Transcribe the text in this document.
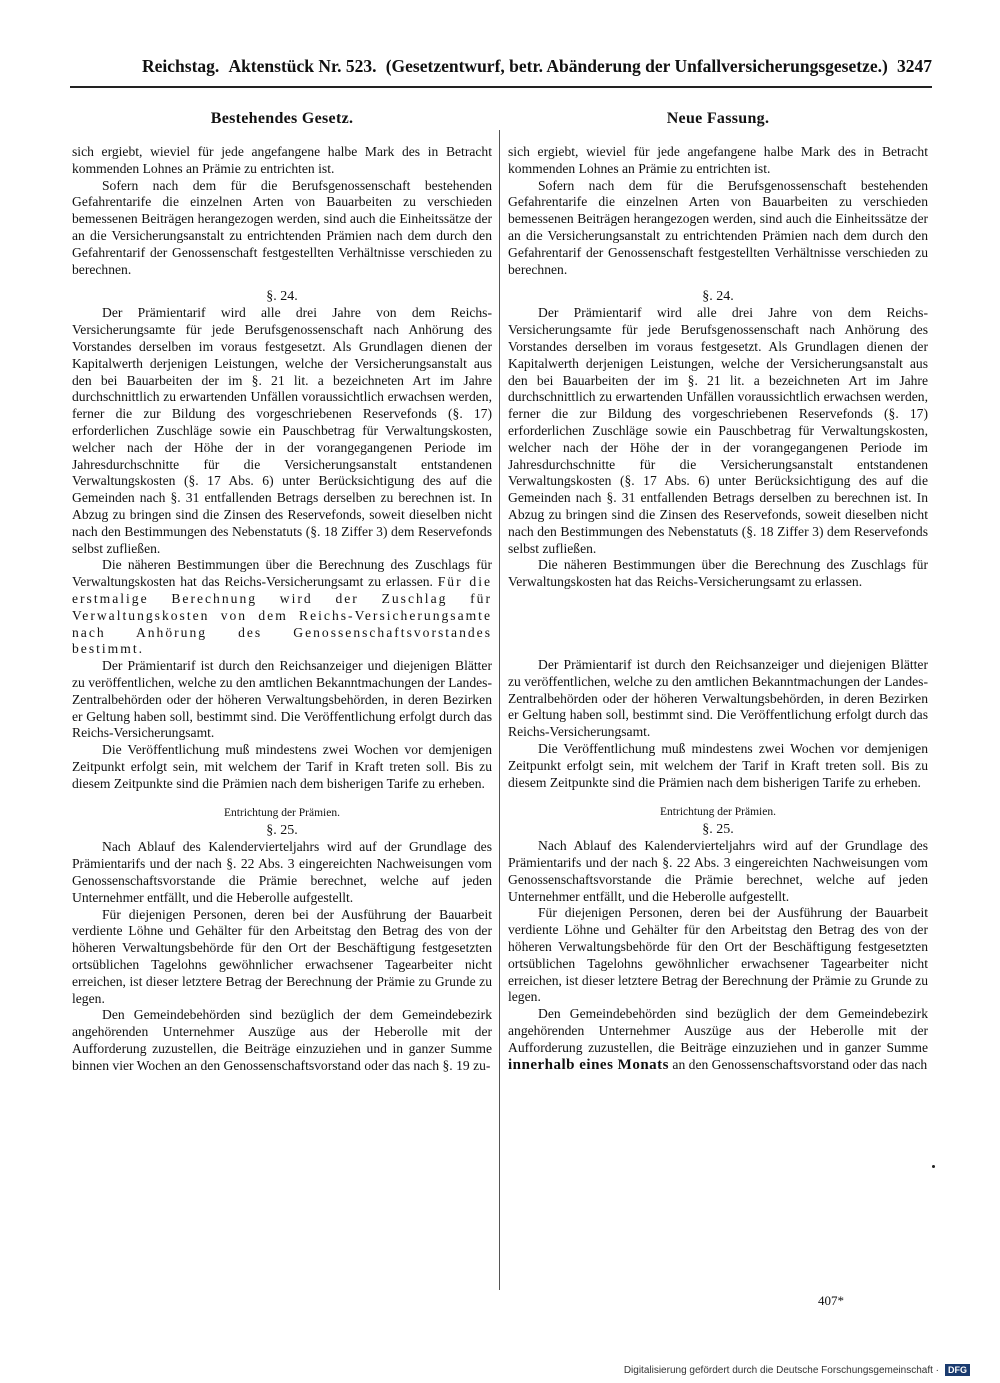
Reichstag. Aktenstück Nr. 523. (Gesetzentwurf, betr. Abänderung der Unfallversicherungsgesetze.) 3247
Bestehendes Gesetz.

sich ergiebt, wieviel für jede angefangene halbe Mark des in Betracht kommenden Lohnes an Prämie zu entrichten ist.

Sofern nach dem für die Berufsgenossenschaft bestehenden Gefahrentarife die einzelnen Arten von Bauarbeiten zu verschieden bemessenen Beiträgen herangezogen werden, sind auch die Einheitssätze der an die Versicherungsanstalt zu entrichtenden Prämien nach dem durch den Gefahrentarif der Genossenschaft festgestellten Verhältnisse verschieden zu berechnen.

§. 24.

Der Prämientarif wird alle drei Jahre von dem Reichs-Versicherungsamte für jede Berufsgenossenschaft nach Anhörung des Vorstandes derselben im voraus festgesetzt. Als Grundlagen dienen der Kapitalwerth derjenigen Leistungen, welche der Versicherungsanstalt aus den bei Bauarbeiten der im §. 21 lit. a bezeichneten Art im Jahre durchschnittlich zu erwartenden Unfällen voraussichtlich erwachsen werden, ferner die zur Bildung des vorgeschriebenen Reservefonds (§. 17) erforderlichen Zuschläge sowie ein Pauschbetrag für Verwaltungskosten, welcher nach der Höhe der in der vorangegangenen Periode im Jahresdurchschnitte für die Versicherungsanstalt entstandenen Verwaltungskosten (§. 17 Abs. 6) unter Berücksichtigung des auf die Gemeinden nach §. 31 entfallenden Betrags derselben zu berechnen ist. In Abzug zu bringen sind die Zinsen des Reservefonds, soweit dieselben nicht nach den Bestimmungen des Nebenstatuts (§. 18 Ziffer 3) dem Reservefonds selbst zufließen.

Die näheren Bestimmungen über die Berechnung des Zuschlags für Verwaltungskosten hat das Reichs-Versicherungsamt zu erlassen. Für die erstmalige Berechnung wird der Zuschlag für Verwaltungskosten von dem Reichs-Versicherungsamte nach Anhörung des Genossenschaftsvorstandes bestimmt.

Der Prämientarif ist durch den Reichsanzeiger und diejenigen Blätter zu veröffentlichen, welche zu den amtlichen Bekanntmachungen der Landes-Zentralbehörden oder der höheren Verwaltungsbehörden, in deren Bezirken er Geltung haben soll, bestimmt sind. Die Veröffentlichung erfolgt durch das Reichs-Versicherungsamt.

Die Veröffentlichung muß mindestens zwei Wochen vor demjenigen Zeitpunkt erfolgt sein, mit welchem der Tarif in Kraft treten soll. Bis zu diesem Zeitpunkte sind die Prämien nach dem bisherigen Tarife zu erheben.

Entrichtung der Prämien.
§. 25.

Nach Ablauf des Kalendervierteljahrs wird auf der Grundlage des Prämientarifs und der nach §. 22 Abs. 3 eingereichten Nachweisungen vom Genossenschaftsvorstande die Prämie berechnet, welche auf jeden Unternehmer entfällt, und die Heberolle aufgestellt.

Für diejenigen Personen, deren bei der Ausführung der Bauarbeit verdiente Löhne und Gehälter für den Arbeitstag den Betrag des von der höheren Verwaltungsbehörde für den Ort der Beschäftigung festgesetzten ortsüblichen Tagelohns gewöhnlicher erwachsener Tagearbeiter nicht erreichen, ist dieser letztere Betrag der Berechnung der Prämie zu Grunde zu legen.

Den Gemeindebehörden sind bezüglich der dem Gemeindebezirk angehörenden Unternehmer Auszüge aus der Heberolle mit der Aufforderung zuzustellen, die Beiträge einzuziehen und in ganzer Summe binnen vier Wochen an den Genossenschaftsvorstand oder das nach §. 19 zu-

Neue Fassung.

sich ergiebt, wieviel für jede angefangene halbe Mark des in Betracht kommenden Lohnes an Prämie zu entrichten ist.

Sofern nach dem für die Berufsgenossenschaft bestehenden Gefahrentarife die einzelnen Arten von Bauarbeiten zu verschieden bemessenen Beiträgen herangezogen werden, sind auch die Einheitssätze der an die Versicherungsanstalt zu entrichtenden Prämien nach dem durch den Gefahrentarif der Genossenschaft festgestellten Verhältnisse verschieden zu berechnen.

§. 24.

Der Prämientarif wird alle drei Jahre von dem Reichs-Versicherungsamte für jede Berufsgenossenschaft nach Anhörung des Vorstandes derselben im voraus festgesetzt. Als Grundlagen dienen der Kapitalwerth derjenigen Leistungen, welche der Versicherungsanstalt aus den bei Bauarbeiten der im §. 21 lit. a bezeichneten Art im Jahre durchschnittlich zu erwartenden Unfällen voraussichtlich erwachsen werden, ferner die zur Bildung des vorgeschriebenen Reservefonds (§. 17) erforderlichen Zuschläge sowie ein Pauschbetrag für Verwaltungskosten, welcher nach der Höhe der in der vorangegangenen Periode im Jahresdurchschnitte für die Versicherungsanstalt entstandenen Verwaltungskosten (§. 17 Abs. 6) unter Berücksichtigung des auf die Gemeinden nach §. 31 entfallenden Betrags derselben zu berechnen ist. In Abzug zu bringen sind die Zinsen des Reservefonds, soweit dieselben nicht nach den Bestimmungen des Nebenstatuts (§. 18 Ziffer 3) dem Reservefonds selbst zufließen.

Die näheren Bestimmungen über die Berechnung des Zuschlags für Verwaltungskosten hat das Reichs-Versicherungsamt zu erlassen.

Der Prämientarif ist durch den Reichsanzeiger und diejenigen Blätter zu veröffentlichen, welche zu den amtlichen Bekanntmachungen der Landes-Zentralbehörden oder der höheren Verwaltungsbehörden, in deren Bezirken er Geltung haben soll, bestimmt sind. Die Veröffentlichung erfolgt durch das Reichs-Versicherungsamt.

Die Veröffentlichung muß mindestens zwei Wochen vor demjenigen Zeitpunkt erfolgt sein, mit welchem der Tarif in Kraft treten soll. Bis zu diesem Zeitpunkte sind die Prämien nach dem bisherigen Tarife zu erheben.

Entrichtung der Prämien.
§. 25.

Nach Ablauf des Kalendervierteljahrs wird auf der Grundlage des Prämientarifs und der nach §. 22 Abs. 3 eingereichten Nachweisungen vom Genossenschaftsvorstande die Prämie berechnet, welche auf jeden Unternehmer entfällt, und die Heberolle aufgestellt.

Für diejenigen Personen, deren bei der Ausführung der Bauarbeit verdiente Löhne und Gehälter für den Arbeitstag den Betrag des von der höheren Verwaltungsbehörde für den Ort der Beschäftigung festgesetzten ortsüblichen Tagelohns gewöhnlicher erwachsener Tagearbeiter nicht erreichen, ist dieser letztere Betrag der Berechnung der Prämie zu Grunde zu legen.

Den Gemeindebehörden sind bezüglich der dem Gemeindebezirk angehörenden Unternehmer Auszüge aus der Heberolle mit der Aufforderung zuzustellen, die Beiträge einzuziehen und in ganzer Summe innerhalb eines Monats an den Genossenschaftsvorstand oder das nach

407*
Digitalisierung gefördert durch die Deutsche Forschungsgemeinschaft ·	DFG
